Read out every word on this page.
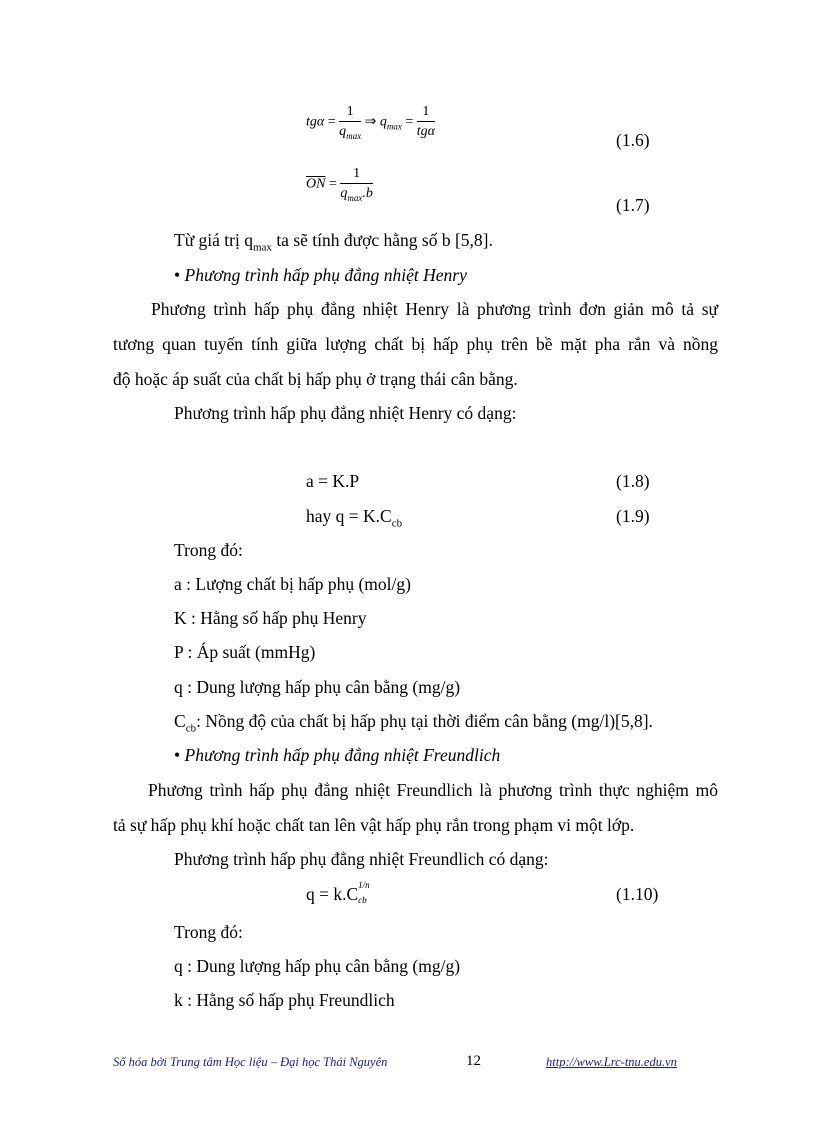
$tg\alpha = \frac{1}{q_{max}}$ ⇒ $q_{max} = \frac{1}{\text{tgα}}$	(1.6)
$\overline{ON} = \frac{1}{q_{max}.b}$
(1.7)
Từ giá trị $q_{max}$ ta sẽ tính được hằng số b [5,8].
• Phương trình hấp phụ đẳng nhiệt Henry
Phương trình hấp phụ đẳng nhiệt Henry là phương trình đơn giản mô tả sự
tương quan tuyến tính giữa lượng chất bị hấp phụ trên bề mặt pha rắn và nồng
độ hoặc áp suất của chất bị hấp phụ ở trạng thái cân bằng.
Phương trình hấp phụ đẳng nhiệt Henry có dạng:
a = K.P	(1.8)
hay $q = K.C_{cb}$	(1.9)
Trong đó:
a : Lượng chất bị hấp phụ (mol/g)
K : Hằng số hấp phụ Henry
P : Áp suất (mmHg)
q : Dung lượng hấp phụ cân bằng (mg/g)
$C_{cb}$: Nồng độ của chất bị hấp phụ tại thời điểm cân bằng (mg/l)[5,8].
• Phương trình hấp phụ đẳng nhiệt Freundlich
Phương trình hấp phụ đẳng nhiệt Freundlich là phương trình thực nghiệm mô
tả sự hấp phụ khí hoặc chất tan lên vật hấp phụ rắn trong phạm vi một lớp.
Phương trình hấp phụ đẳng nhiệt Freundlich có dạng:
q = k.C 1/n
cb	(1.10)
Trong đó:
q : Dung lượng hấp phụ cân bằng (mg/g)
k : Hằng số hấp phụ Freundlich
Số hóa bởi Trung tâm Học liệu – Đại học Thái Nguyên	12	http://www.Lrc-tnu.edu.vn
